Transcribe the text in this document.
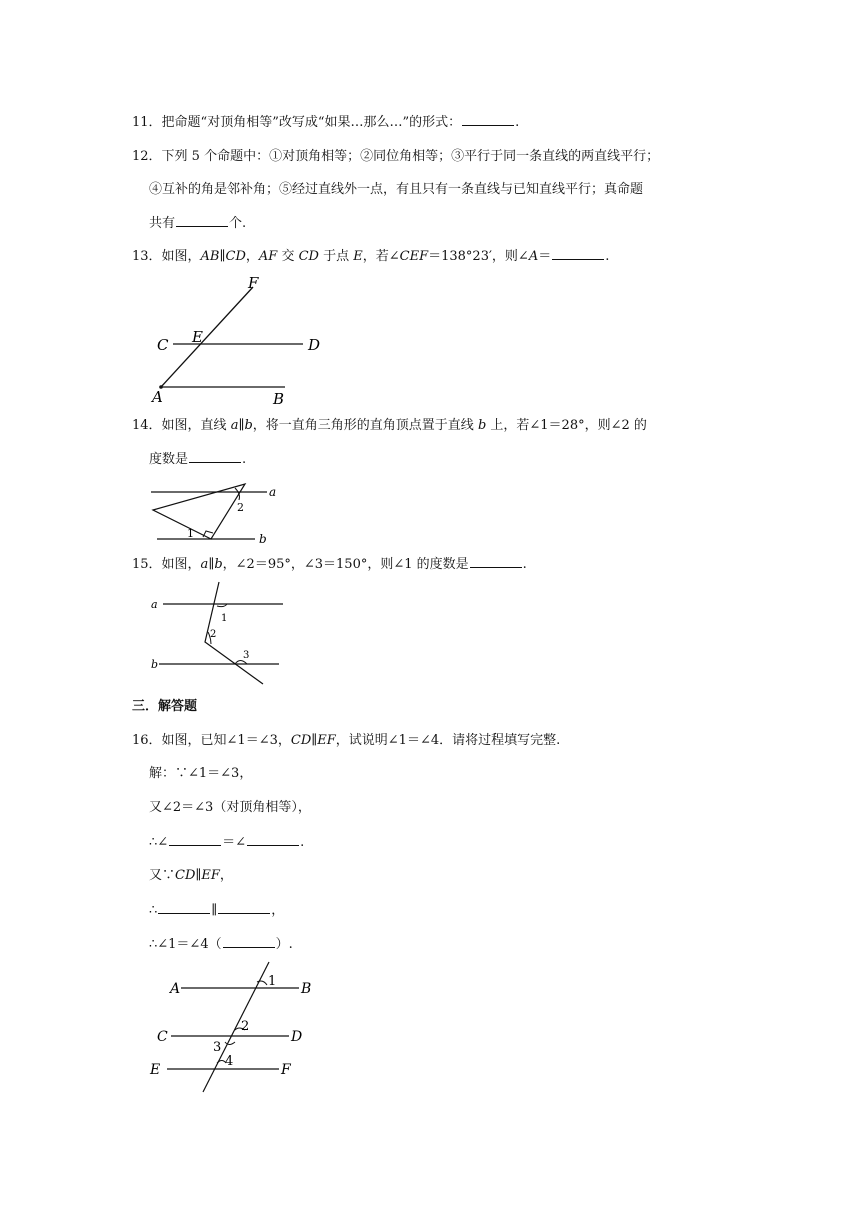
11．把命题“对顶角相等”改写成“如果…那么…”的形式：	.
12．下列 5 个命题中：①对顶角相等；②同位角相等；③平行于同一条直线的两直线平行；
④互补的角是邻补角；⑤经过直线外一点，有且只有一条直线与已知直线平行；真命题
共有	个.
13．如图，AB∥CD，AF 交 CD 于点 E，若∠CEF＝138°23′，则∠A＝	.
F
E
C	D
A	B
14．如图，直线 a∥b，将一直角三角形的直角顶点置于直线 b 上，若∠1＝28°，则∠2 的
度数是	.
a
b
1
2
15．如图，a∥b，∠2＝95°，∠3＝150°，则∠1 的度数是	.
a
b
1
2
3
三．解答题
16．如图，已知∠1＝∠3，CD∥EF，试说明∠1＝∠4．请将过程填写完整.
解：∵∠1＝∠3，
又∠2＝∠3（对顶角相等），
∴∠	＝∠	.
又∵CD∥EF，
∴	∥	，
∴∠1＝∠4（	）.
A	B
C	D
E	F
1
2
3
4
